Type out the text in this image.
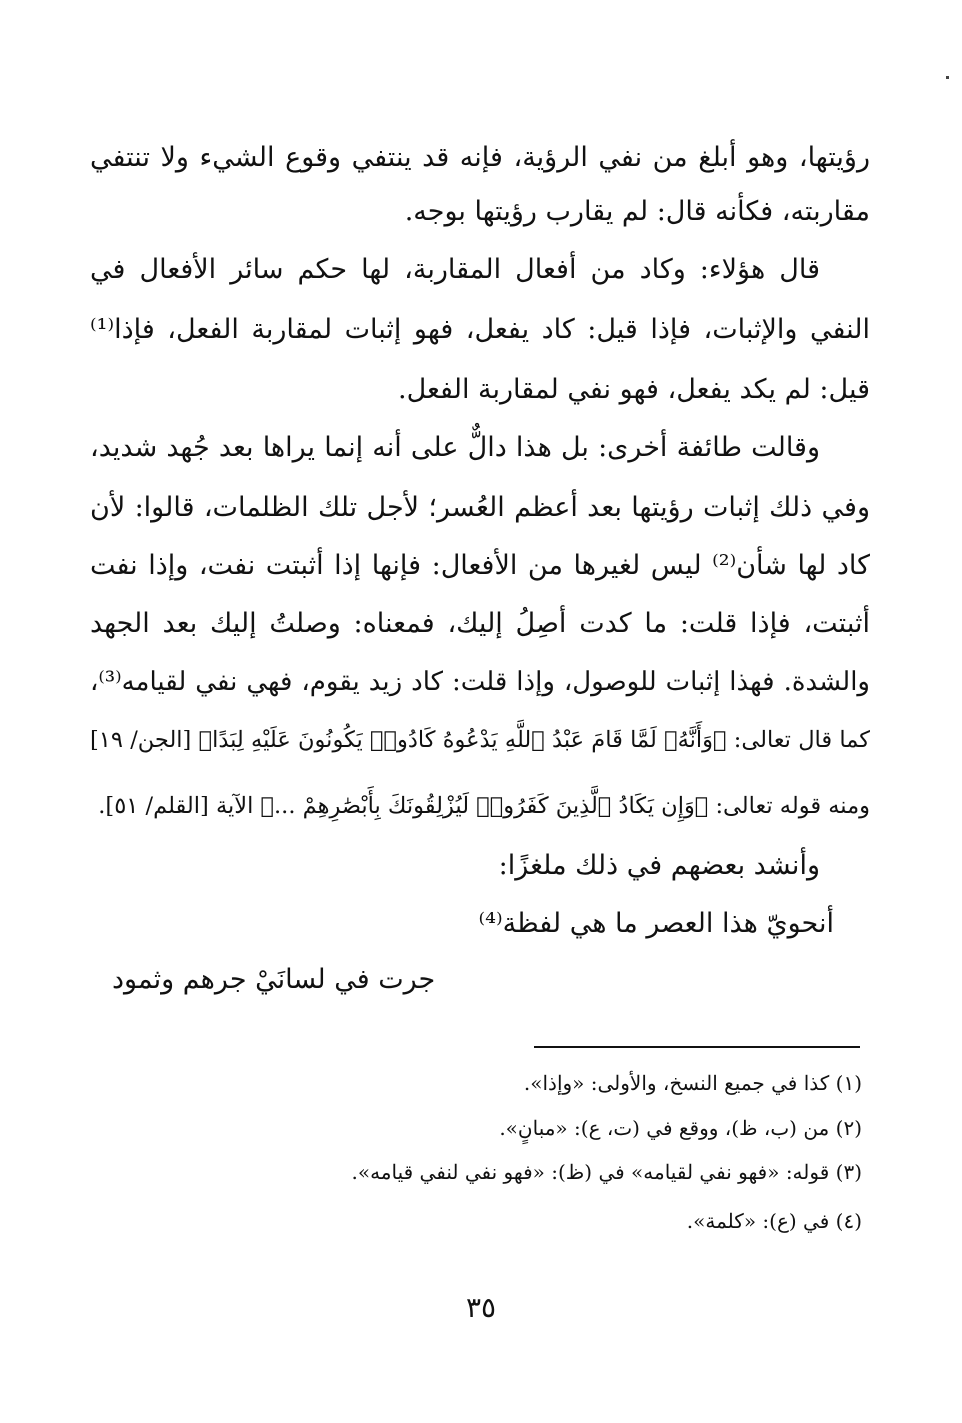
رؤيتها، وهو أبلغ من نفي الرؤية، فإنه قد ينتفي وقوع الشيء ولا تنتفي
مقاربته، فكأنه قال: لم يقارب رؤيتها بوجه.
قال هؤلاء: وكاد من أفعال المقاربة، لها حكم سائر الأفعال في
النفي والإثبات، فإذا قيل: كاد يفعل، فهو إثبات لمقاربة الفعل، فإذا⁽¹⁾
قيل: لم يكد يفعل، فهو نفي لمقاربة الفعل.
وقالت طائفة أخرى: بل هذا دالٌّ على أنه إنما يراها بعد جُهد شديد،
وفي ذلك إثبات رؤيتها بعد أعظم العُسر؛ لأجل تلك الظلمات، قالوا: لأن
كاد لها شأن⁽²⁾ ليس لغيرها من الأفعال: فإنها إذا أثبتت نفت، وإذا نفت
أثبتت، فإذا قلت: ما كدت أصِلُ إليك، فمعناه: وصلتُ إليك بعد الجهد
والشدة. فهذا إثبات للوصول، وإذا قلت: كاد زيد يقوم، فهي نفي لقيامه⁽³⁾،
كما قال تعالى: ﴿وَأَنَّهُۥ لَمَّا قَامَ عَبْدُ ٱللَّهِ يَدْعُوهُ كَادُوا۟ يَكُونُونَ عَلَيْهِ لِبَدًا﴾ [الجن/ ١٩]
ومنه قوله تعالى: ﴿وَإِن يَكَادُ ٱلَّذِينَ كَفَرُوا۟ لَيُزْلِقُونَكَ بِأَبْصَٰرِهِمْ ...﴾ الآية [القلم/ ٥١].
وأنشد بعضهم في ذلك ملغزًا:
أنحويّ هذا العصر ما هي لفظة⁽⁴⁾
جرت في لسانَيْ جرهم وثمود
(١) كذا في جميع النسخ، والأولى: «وإذا».
(٢) من (ب، ظ)، ووقع في (ت، ع): «مبانٍ».
(٣) قوله: «فهو نفي لقيامه» في (ظ): «فهو نفي لنفي قيامه».
(٤) في (ع): «كلمة».
٣٥
